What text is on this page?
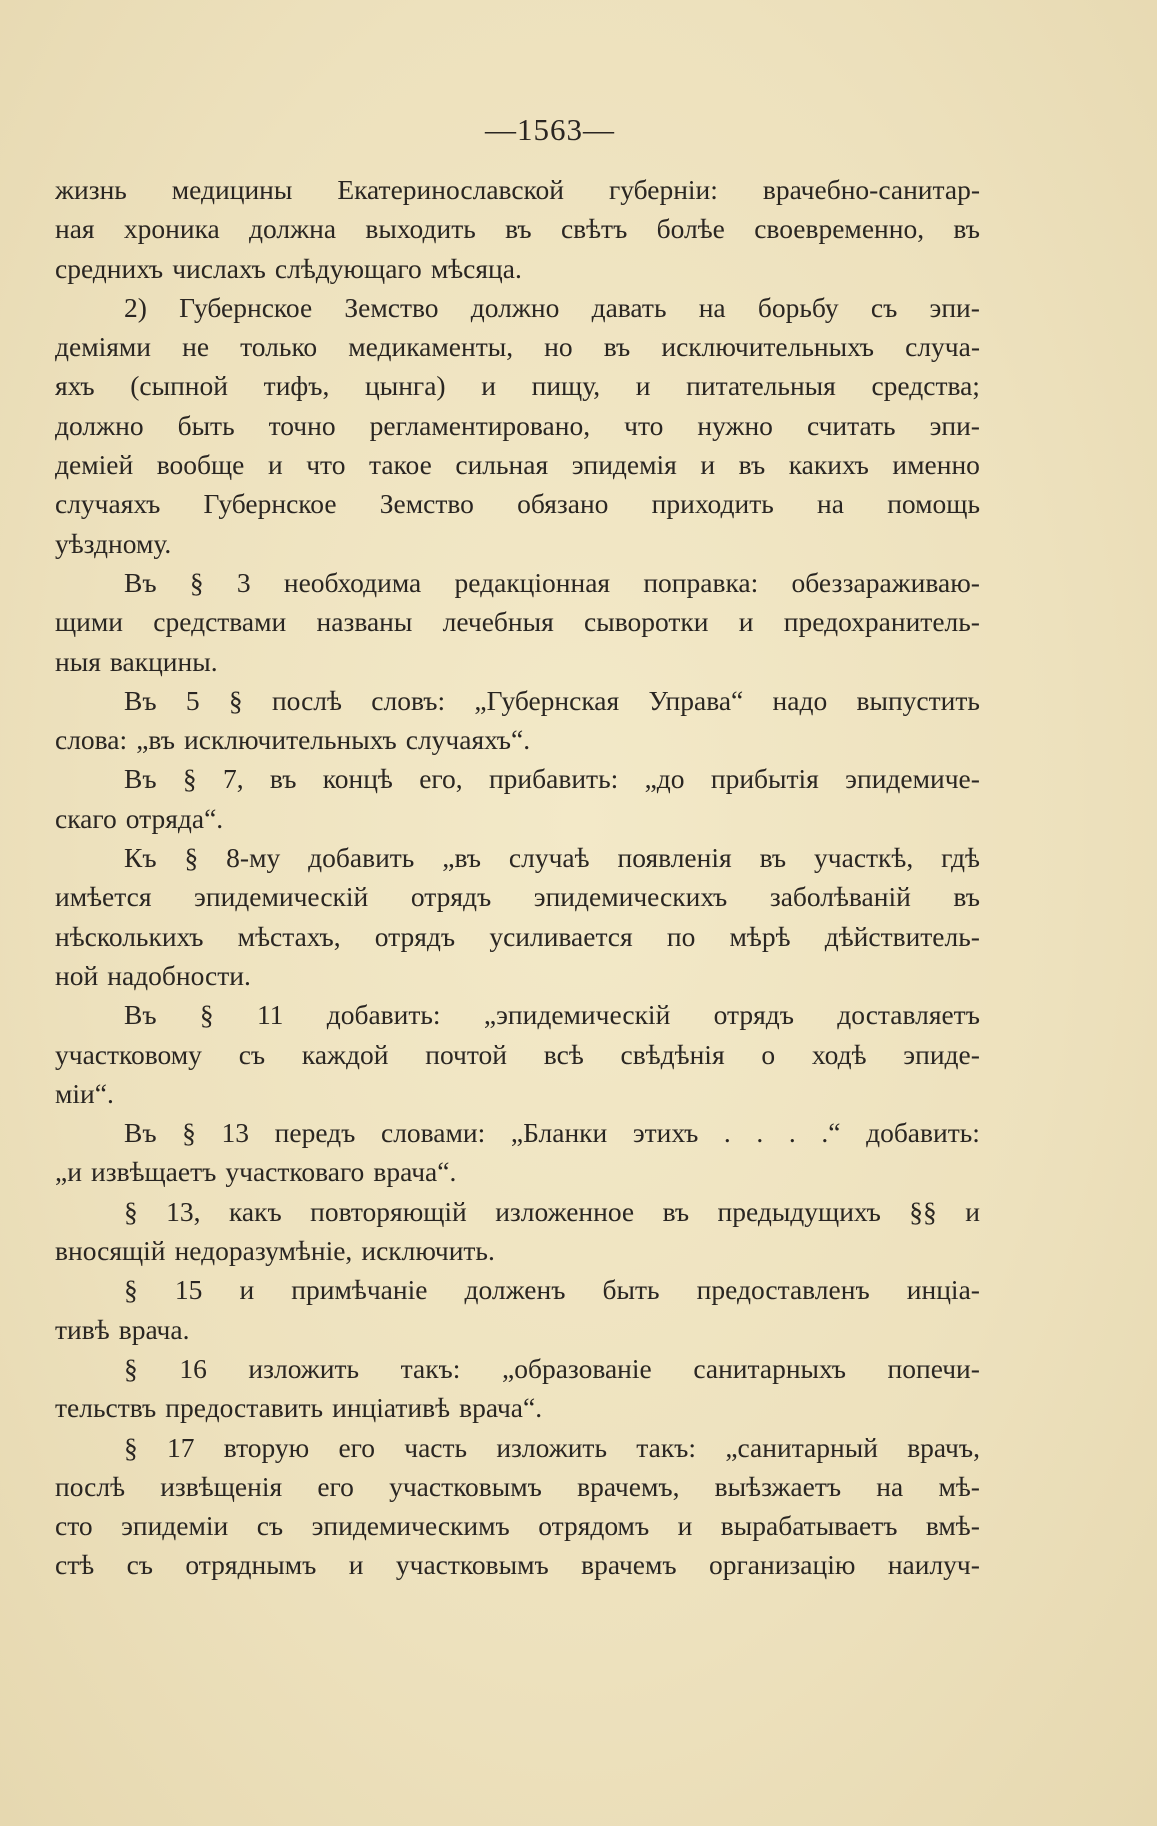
—1563—
жизнь медицины Екатеринославской губерніи: врачебно-санитар-
ная хроника должна выходить въ свѣтъ болѣе своевременно, въ
среднихъ числахъ слѣдующаго мѣсяца.
2) Губернское Земство должно давать на борьбу съ эпи-
деміями не только медикаменты, но въ исключительныхъ случа-
яхъ (сыпной тифъ, цынга) и пищу, и питательныя средства;
должно быть точно регламентировано, что нужно считать эпи-
деміей вообще и что такое сильная эпидемія и въ какихъ именно
случаяхъ Губернское Земство обязано приходить на помощь
уѣздному.
Въ § 3 необходима редакціонная поправка: обеззараживаю-
щими средствами названы лечебныя сыворотки и предохранитель-
ныя вакцины.
Въ 5 § послѣ словъ: „Губернская Управа“ надо выпустить
слова: „въ исключительныхъ случаяхъ“.
Въ § 7, въ концѣ его, прибавить: „до прибытія эпидемиче-
скаго отряда“.
Къ § 8-му добавить „въ случаѣ появленія въ участкѣ, гдѣ
имѣется эпидемическій отрядъ эпидемическихъ заболѣваній въ
нѣсколькихъ мѣстахъ, отрядъ усиливается по мѣрѣ дѣйствитель-
ной надобности.
Въ § 11 добавить: „эпидемическій отрядъ доставляетъ
участковому съ каждой почтой всѣ свѣдѣнія о ходѣ эпиде-
міи“.
Въ § 13 передъ словами: „Бланки этихъ . . . .“ добавить:
„и извѣщаетъ участковаго врача“.
§ 13, какъ повторяющій изложенное въ предыдущихъ §§ и
вносящій недоразумѣніе, исключить.
§ 15 и примѣчаніе долженъ быть предоставленъ инціа-
тивѣ врача.
§ 16 изложить такъ: „образованіе санитарныхъ попечи-
тельствъ предоставить инціативѣ врача“.
§ 17 вторую его часть изложить такъ: „санитарный врачъ,
послѣ извѣщенія его участковымъ врачемъ, выѣзжаетъ на мѣ-
сто эпидеміи съ эпидемическимъ отрядомъ и вырабатываетъ вмѣ-
стѣ съ отряднымъ и участковымъ врачемъ организацію наилуч-
